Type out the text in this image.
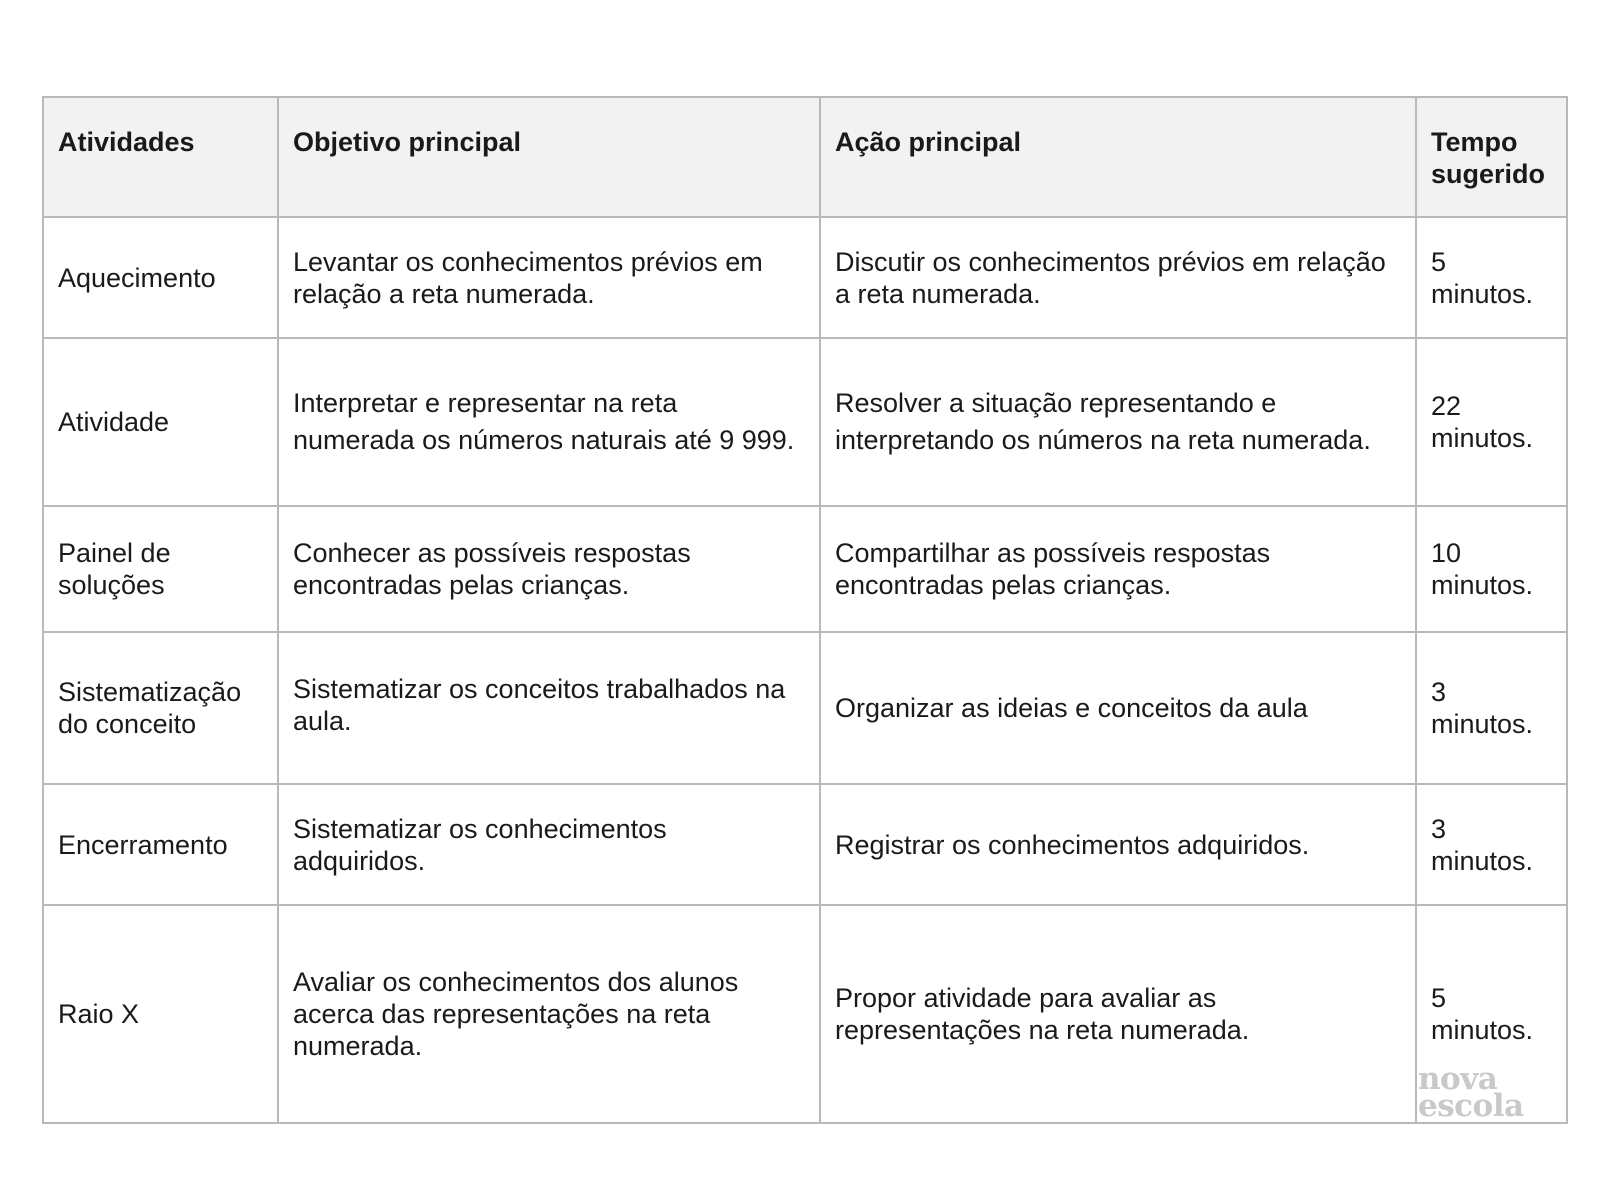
Atividades	Objetivo principal	Ação principal	Tempo sugerido
Aquecimento	Levantar os conhecimentos prévios em relação a reta numerada.	Discutir os conhecimentos prévios em relação a reta numerada.	5 minutos.
Atividade	Interpretar e representar na reta numerada os números naturais até 9 999.	Resolver a situação representando e interpretando os números na reta numerada.	22 minutos.
Painel de soluções	Conhecer as possíveis respostas encontradas pelas crianças.	Compartilhar as possíveis respostas encontradas pelas crianças.	10 minutos.
Sistematização do conceito	Sistematizar os conceitos trabalhados na aula.	Organizar as ideias e conceitos da aula	3 minutos.
Encerramento	Sistematizar os conhecimentos adquiridos.	Registrar os conhecimentos adquiridos.	3 minutos.
Raio X	Avaliar os conhecimentos dos alunos acerca das representações na reta numerada.	Propor atividade para avaliar as representações na reta numerada.	5 minutos.
nova
escola
